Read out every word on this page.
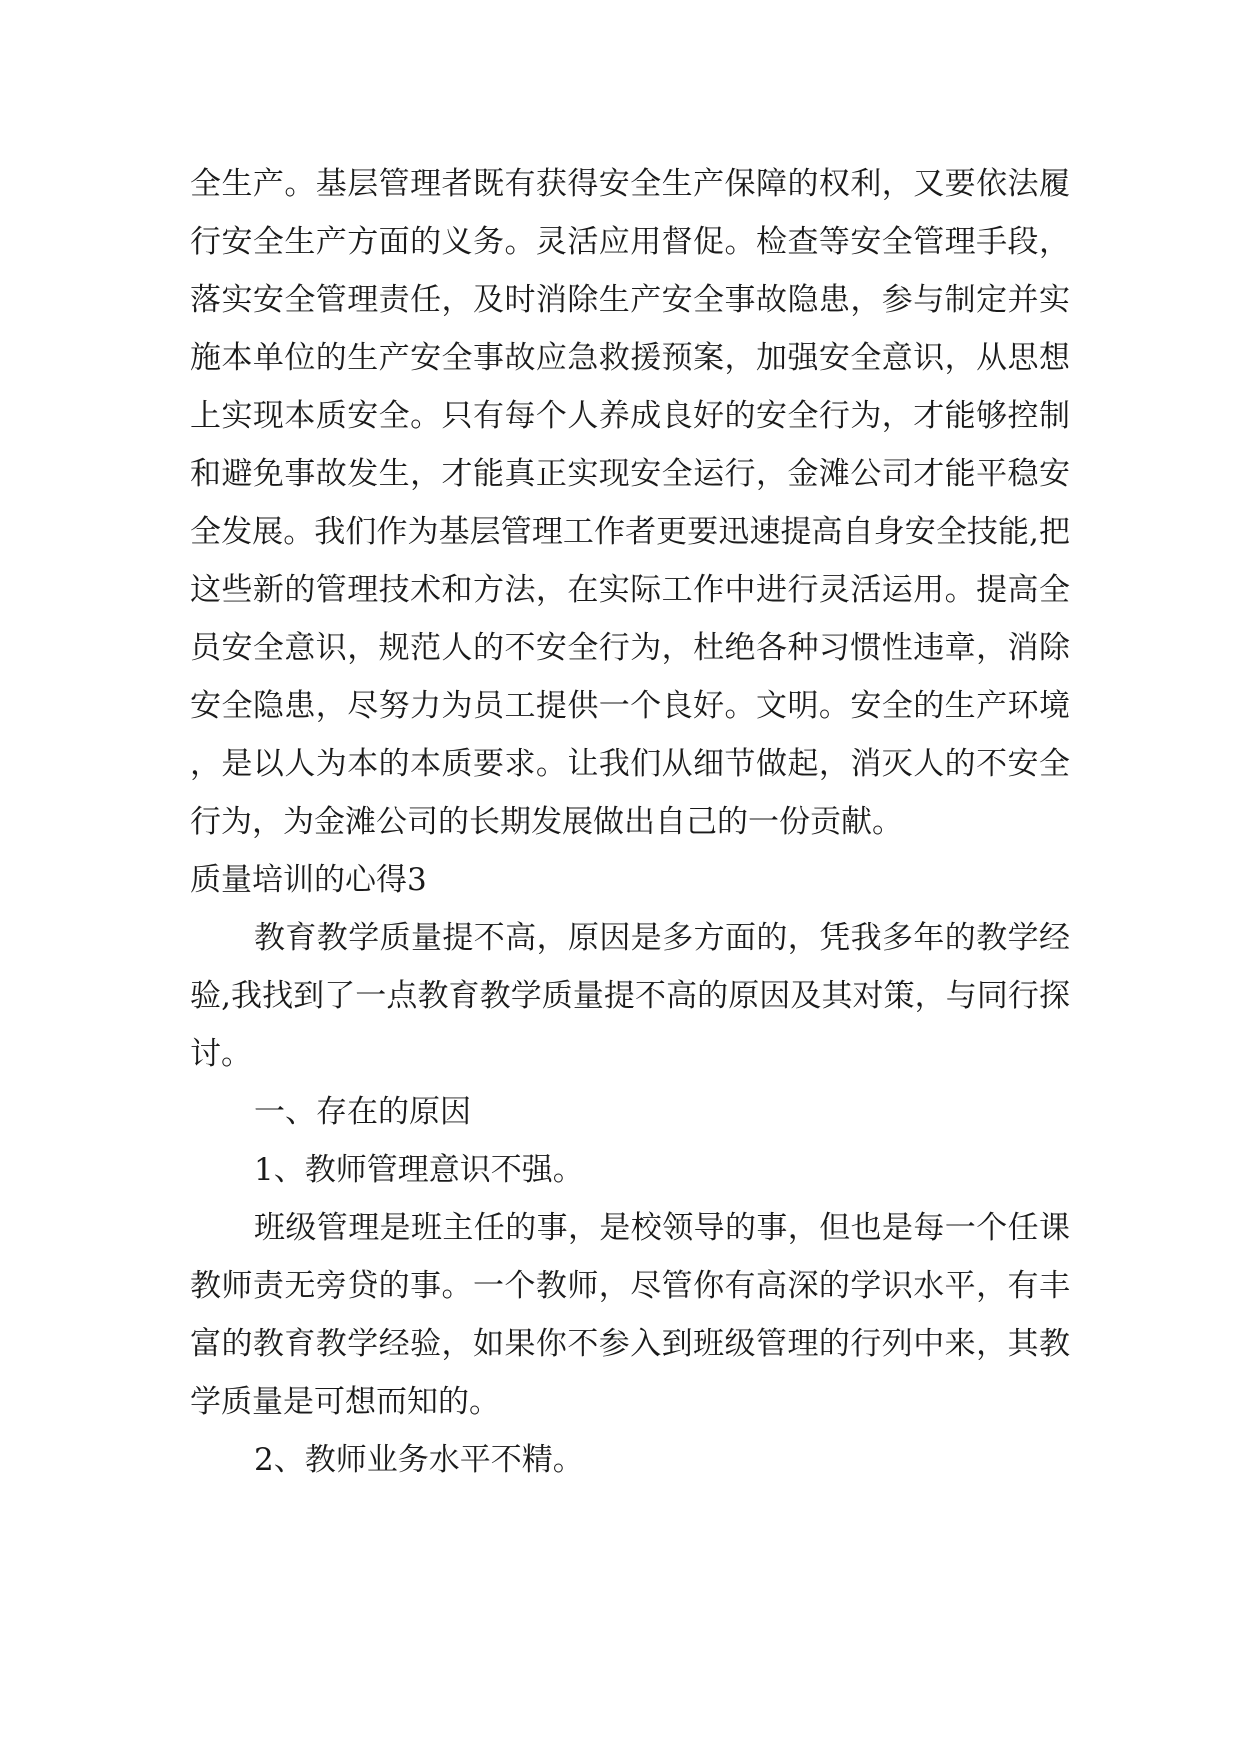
全生产。基层管理者既有获得安全生产保障的权利，又要依法履行安全生产方面的义务。灵活应用督促。检查等安全管理手段，落实安全管理责任，及时消除生产安全事故隐患，参与制定并实施本单位的生产安全事故应急救援预案，加强安全意识，从思想上实现本质安全。只有每个人养成良好的安全行为，才能够控制和避免事故发生，才能真正实现安全运行，金滩公司才能平稳安全发展。我们作为基层管理工作者更要迅速提高自身安全技能,把这些新的管理技术和方法，在实际工作中进行灵活运用。提高全员安全意识，规范人的不安全行为，杜绝各种习惯性违章，消除安全隐患，尽努力为员工提供一个良好。文明。安全的生产环境，是以人为本的本质要求。让我们从细节做起，消灭人的不安全行为，为金滩公司的长期发展做出自己的一份贡献。

质量培训的心得3

教育教学质量提不高，原因是多方面的，凭我多年的教学经验,我找到了一点教育教学质量提不高的原因及其对策，与同行探讨。

一、存在的原因

1、教师管理意识不强。

班级管理是班主任的事，是校领导的事，但也是每一个任课教师责无旁贷的事。一个教师，尽管你有高深的学识水平，有丰富的教育教学经验，如果你不参入到班级管理的行列中来，其教学质量是可想而知的。

2、教师业务水平不精。
